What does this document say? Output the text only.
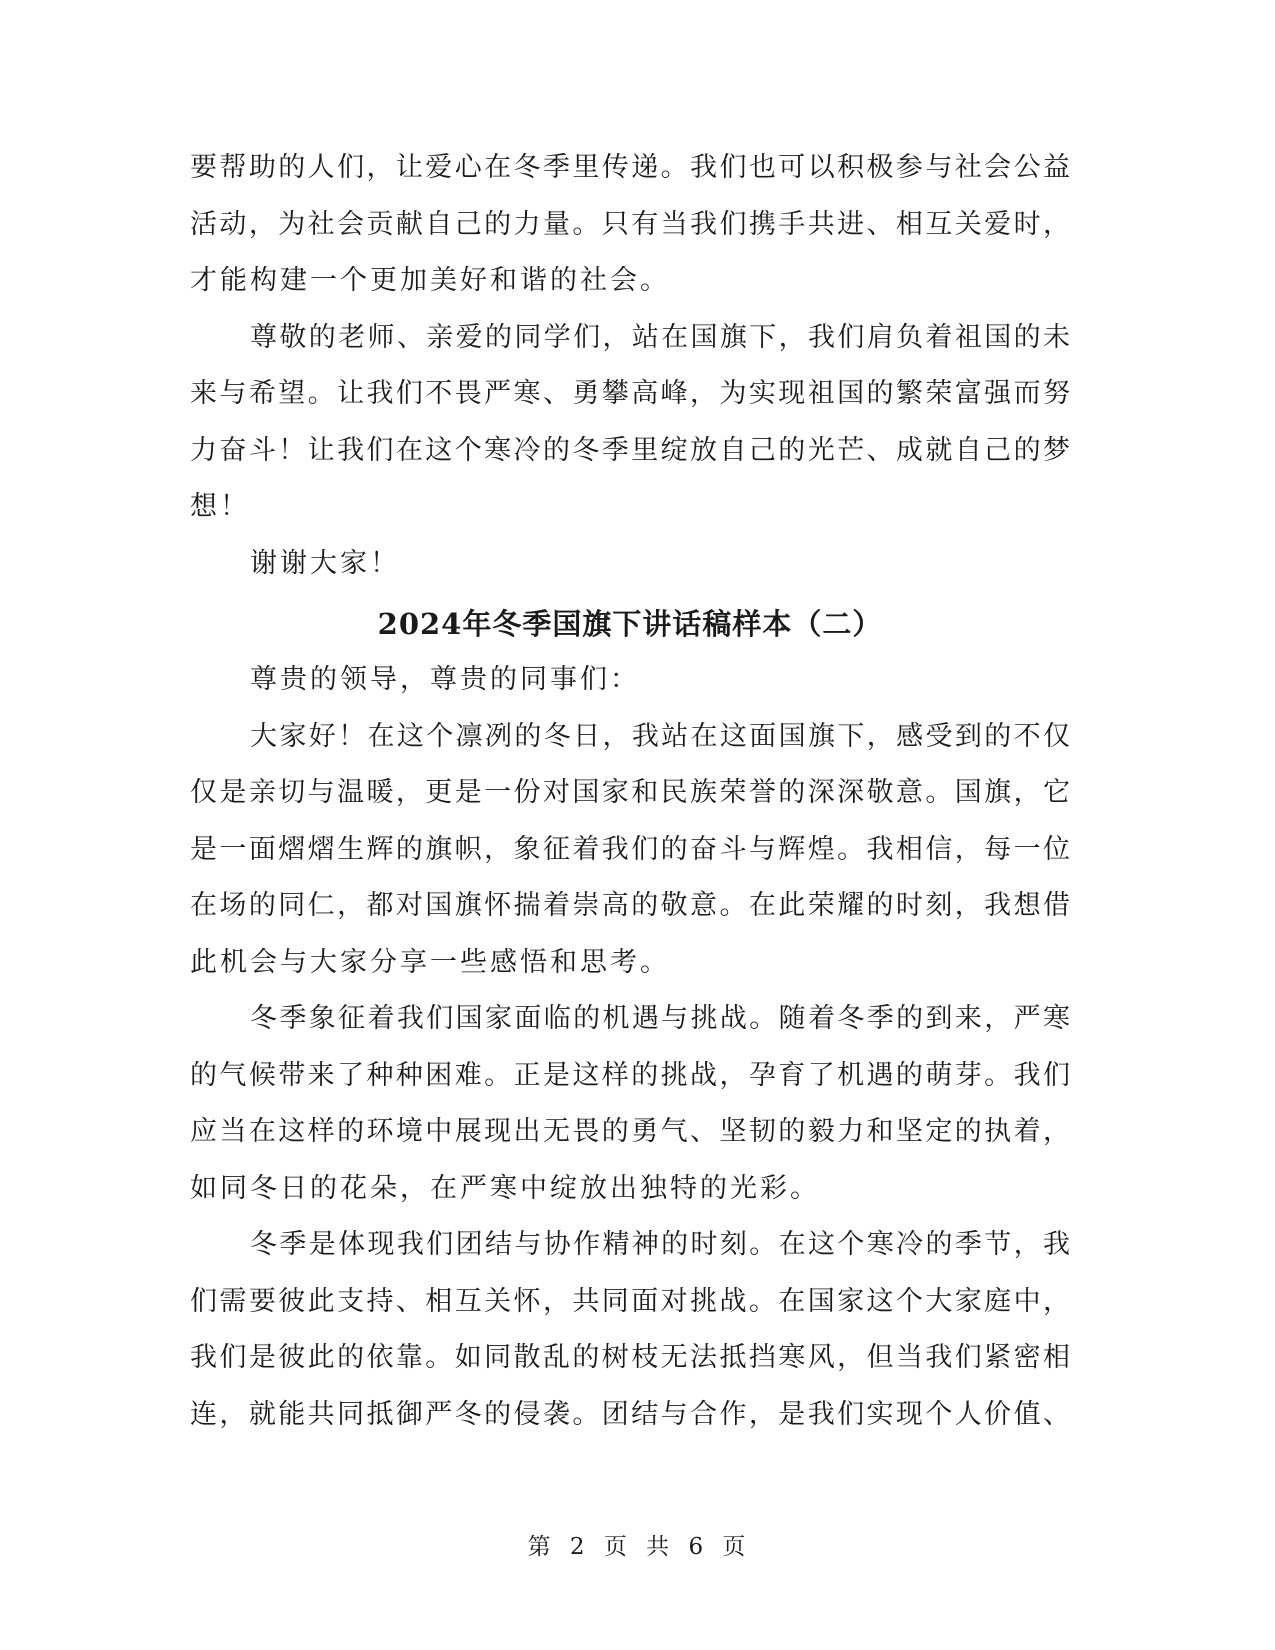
要帮助的人们，让爱心在冬季里传递。我们也可以积极参与社会公益
活动，为社会贡献自己的力量。只有当我们携手共进、相互关爱时，
才能构建一个更加美好和谐的社会。
尊敬的老师、亲爱的同学们，站在国旗下，我们肩负着祖国的未
来与希望。让我们不畏严寒、勇攀高峰，为实现祖国的繁荣富强而努
力奋斗！让我们在这个寒冷的冬季里绽放自己的光芒、成就自己的梦
想！
谢谢大家！
2024年冬季国旗下讲话稿样本（二）
尊贵的领导，尊贵的同事们：
大家好！在这个凛冽的冬日，我站在这面国旗下，感受到的不仅
仅是亲切与温暖，更是一份对国家和民族荣誉的深深敬意。国旗，它
是一面熠熠生辉的旗帜，象征着我们的奋斗与辉煌。我相信，每一位
在场的同仁，都对国旗怀揣着崇高的敬意。在此荣耀的时刻，我想借
此机会与大家分享一些感悟和思考。
冬季象征着我们国家面临的机遇与挑战。随着冬季的到来，严寒
的气候带来了种种困难。正是这样的挑战，孕育了机遇的萌芽。我们
应当在这样的环境中展现出无畏的勇气、坚韧的毅力和坚定的执着，
如同冬日的花朵，在严寒中绽放出独特的光彩。
冬季是体现我们团结与协作精神的时刻。在这个寒冷的季节，我
们需要彼此支持、相互关怀，共同面对挑战。在国家这个大家庭中，
我们是彼此的依靠。如同散乱的树枝无法抵挡寒风，但当我们紧密相
连，就能共同抵御严冬的侵袭。团结与合作，是我们实现个人价值、
第 2 页 共 6 页
